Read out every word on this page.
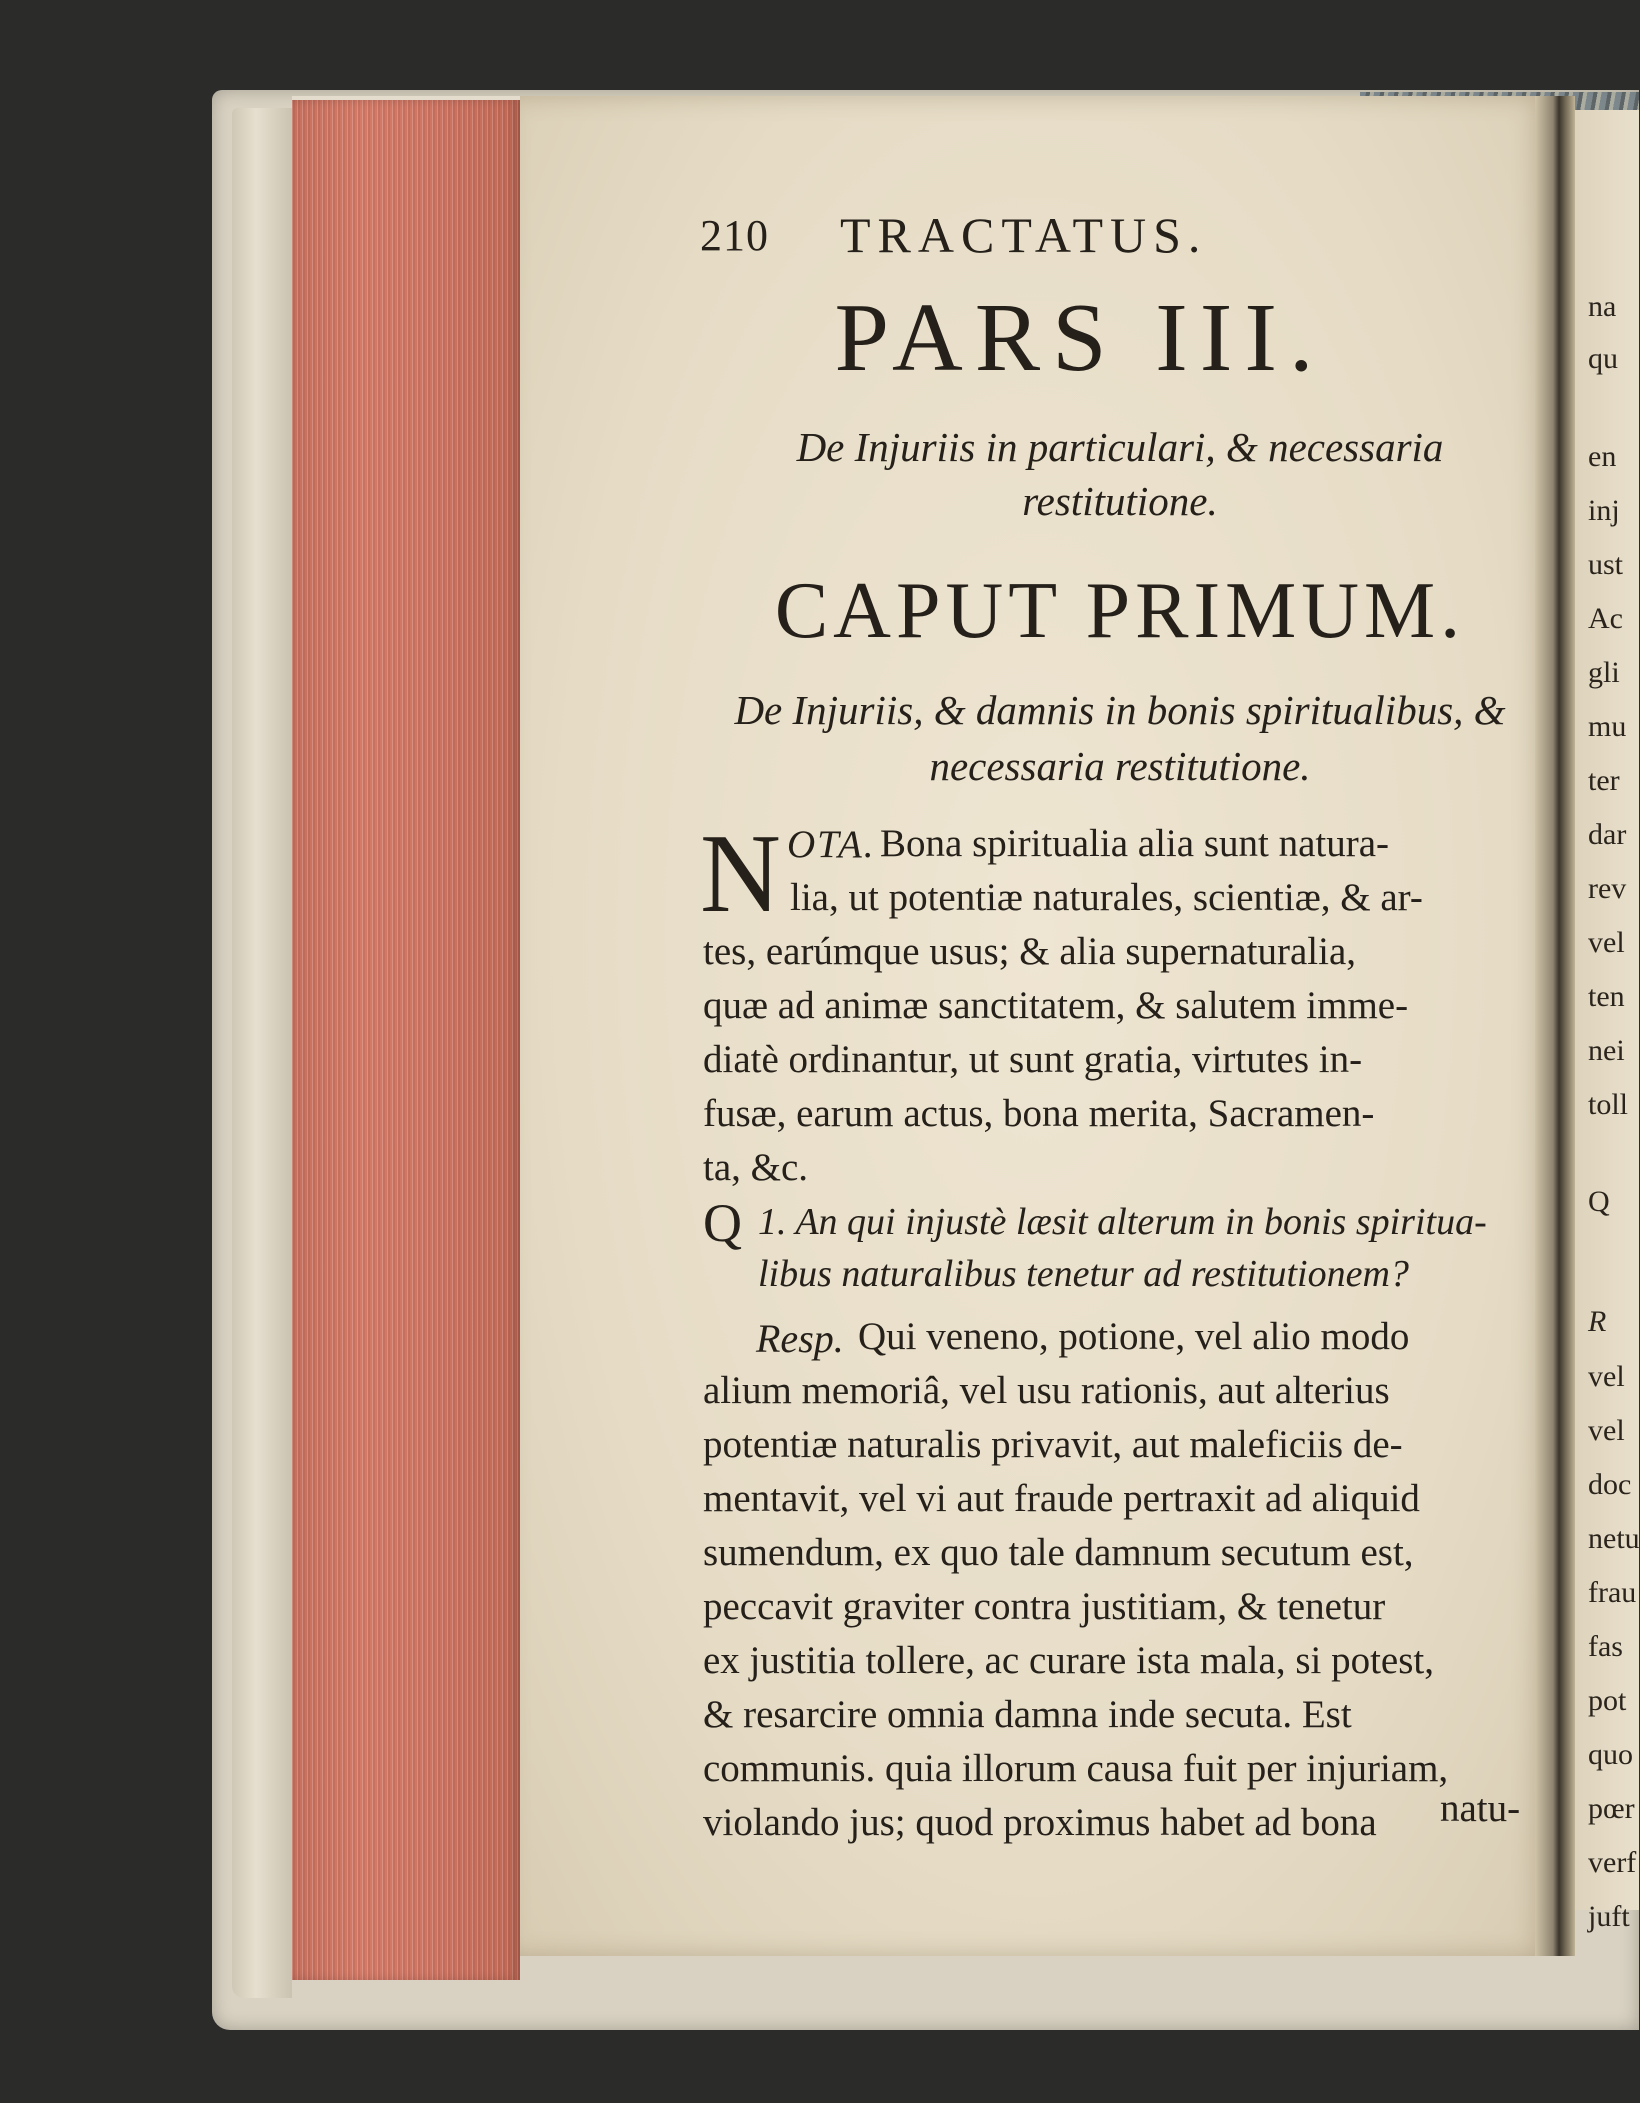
na
qu
en
inj
ust
Ac
gli
mu
ter
dar
rev
vel
ten
nei
toll
Q
R
vel
vel
doc
netu
frau
fas
pot
quo
pœr
verf
juft
210 TRACTATUS.
PARS III.
De Injuriis in particulari, & necessaria restitutione.
CAPUT PRIMUM.
De Injuriis, & damnis in bonis spiritualibus, & necessaria restitutione.
N OTA. Bona spiritualia alia sunt natura-
lia, ut potentiæ naturales, scientiæ, & ar-
tes, earúmque usus; & alia supernaturalia,
quæ ad animæ sanctitatem, & salutem imme-
diatè ordinantur, ut sunt gratia, virtutes in-
fusæ, earum actus, bona merita, Sacramen-
ta, &c.
Q 1. An qui injustè læsit alterum in bonis spiritua-
libus naturalibus tenetur ad restitutionem?
Resp. Qui veneno, potione, vel alio modo
alium memoriâ, vel usu rationis, aut alterius
potentiæ naturalis privavit, aut maleficiis de-
mentavit, vel vi aut fraude pertraxit ad aliquid
sumendum, ex quo tale damnum secutum est,
peccavit graviter contra justitiam, & tenetur
ex justitia tollere, ac curare ista mala, si potest,
& resarcire omnia damna inde secuta. Est
communis. quia illorum causa fuit per injuriam,
violando jus; quod proximus habet ad bona	natu-
